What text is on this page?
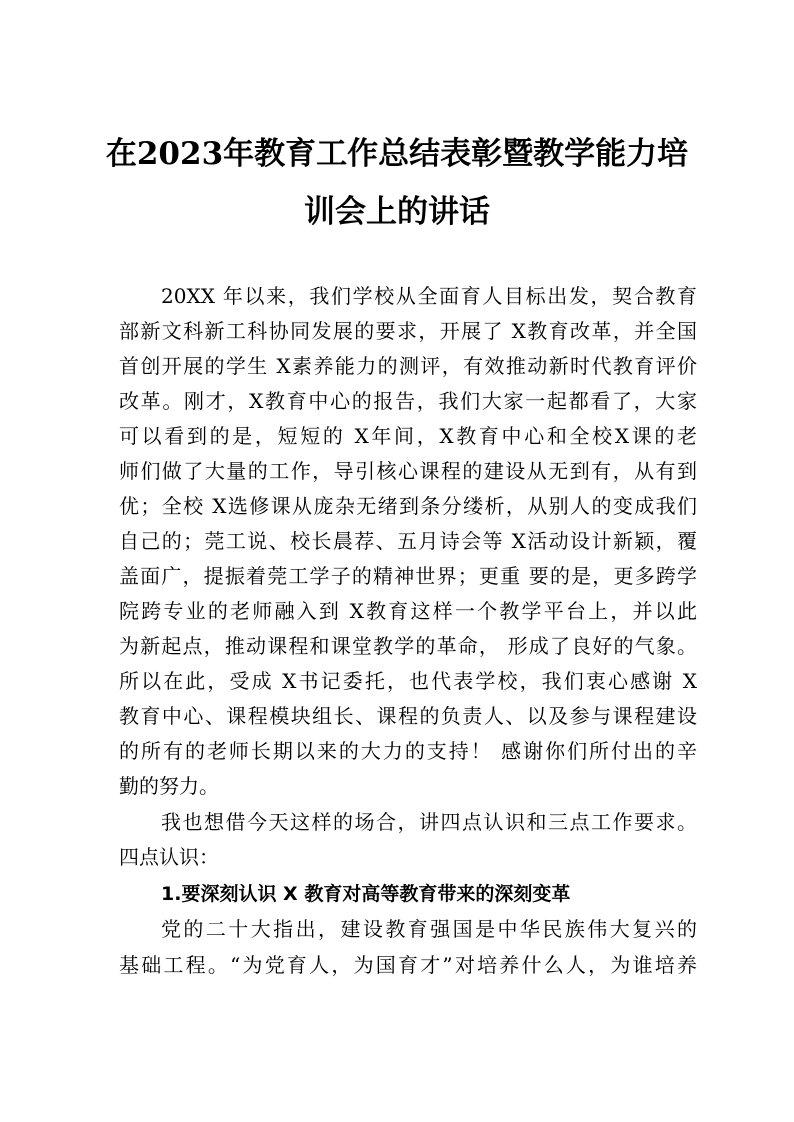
在2023年教育工作总结表彰暨教学能力培
训会上的讲话
20XX 年以来，我们学校从全面育人目标出发，契合教育
部新文科新工科协同发展的要求，开展了 X教育改革，并全国
首创开展的学生 X素养能力的测评，有效推动新时代教育评价
改革。刚才，X教育中心的报告，我们大家一起都看了，大家
可以看到的是，短短的 X年间，X教育中心和全校X课的老
师们做了大量的工作，导引核心课程的建设从无到有，从有到
优；全校 X选修课从庞杂无绪到条分缕析，从别人的变成我们
自己的；莞工说、校长晨荐、五月诗会等 X活动设计新颖，覆
盖面广，提振着莞工学子的精神世界；更重 要的是，更多跨学
院跨专业的老师融入到 X教育这样一个教学平台上，并以此
为新起点，推动课程和课堂教学的革命， 形成了良好的气象。
所以在此，受成 X书记委托，也代表学校，我们衷心感谢 X
教育中心、课程模块组长、课程的负责人、以及参与课程建设
的所有的老师长期以来的大力的支持！ 感谢你们所付出的辛
勤的努力。
我也想借今天这样的场合，讲四点认识和三点工作要求。
四点认识：
1.要深刻认识 X 教育对高等教育带来的深刻变革
党的二十大指出，建设教育强国是中华民族伟大复兴的
基础工程。“为党育人，为国育才”对培养什么人，为谁培养
